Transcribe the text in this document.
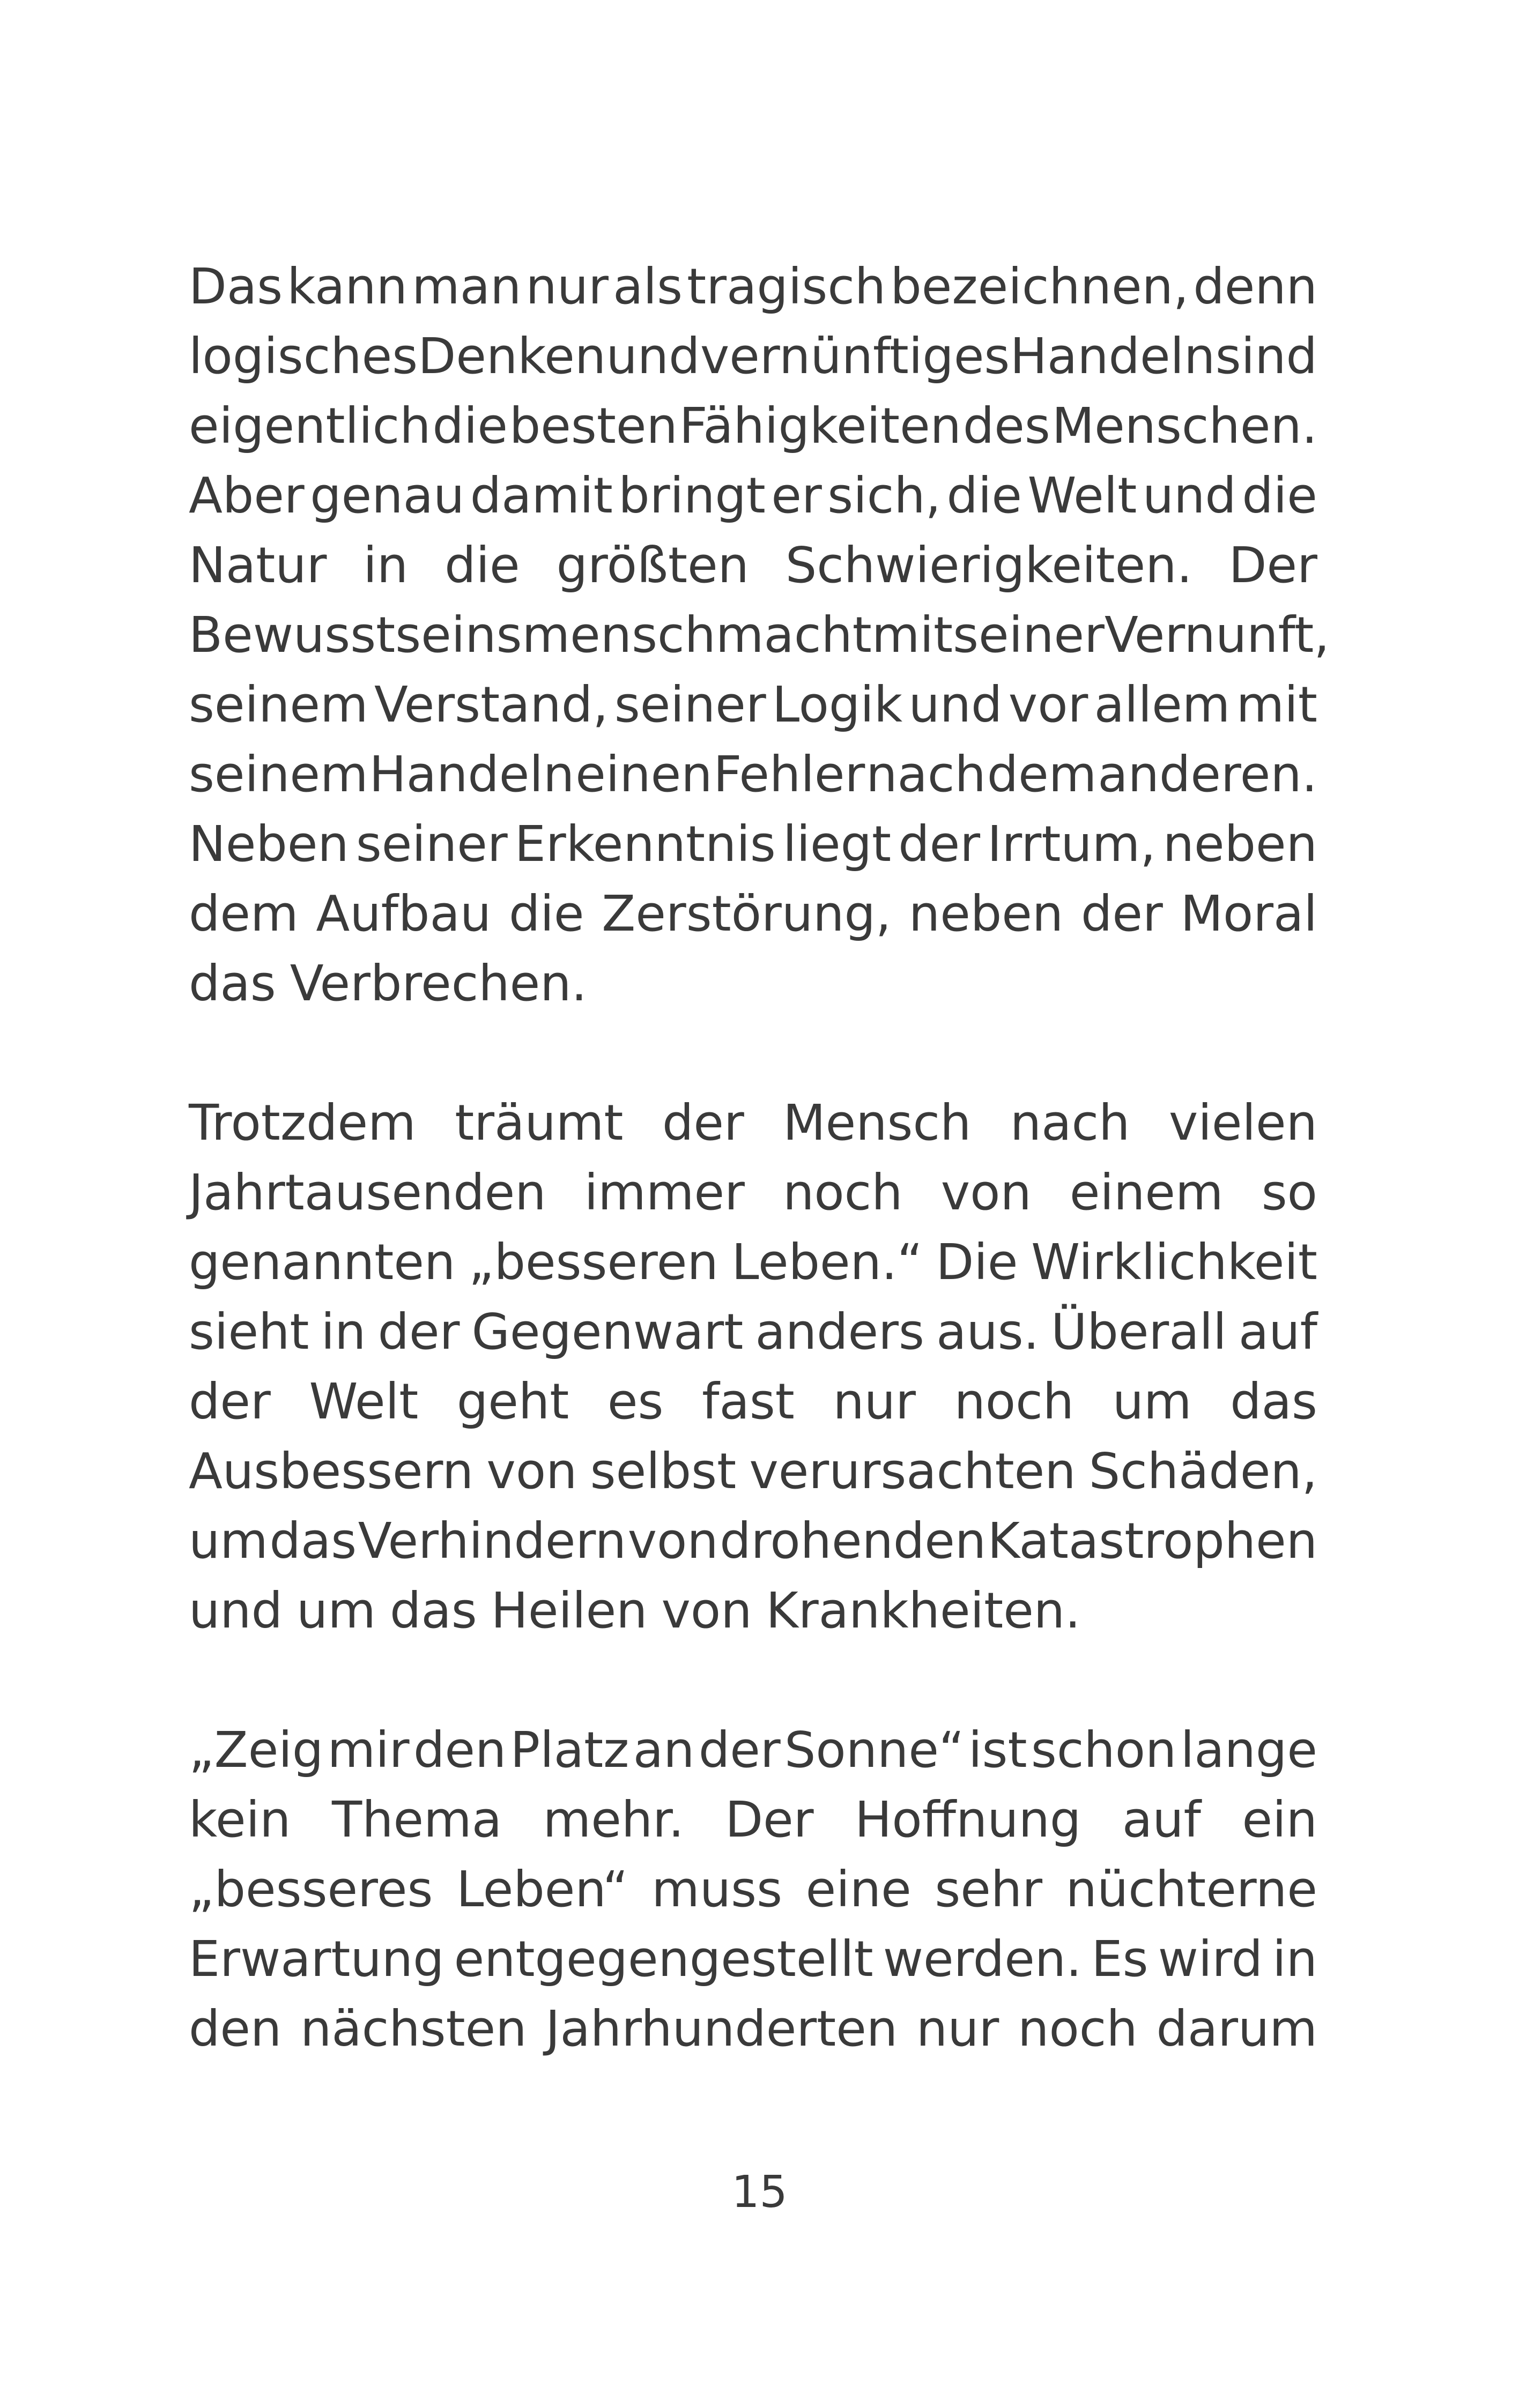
Das kann man nur als tragisch bezeichnen, denn
logisches Denken und vernünftiges Handeln sind
eigentlich die besten Fähigkeiten des Menschen.
Aber genau damit bringt er sich, die Welt und die
Natur in die größten Schwierigkeiten. Der
Bewusstseinsmensch macht mit seiner Vernunft,
seinem Verstand, seiner Logik und vor allem mit
seinem Handeln einen Fehler nach dem anderen.
Neben seiner Erkenntnis liegt der Irrtum, neben
dem Aufbau die Zerstörung, neben der Moral
das Verbrechen.
Trotzdem träumt der Mensch nach vielen
Jahrtausenden immer noch von einem so
genannten „besseren Leben.“ Die Wirklichkeit
sieht in der Gegenwart anders aus. Überall auf
der Welt geht es fast nur noch um das
Ausbessern von selbst verursachten Schäden,
um das Verhindern von drohenden Katastrophen
und um das Heilen von Krankheiten.
„Zeig mir den Platz an der Sonne“ ist schon lange
kein Thema mehr. Der Hoffnung auf ein
„besseres Leben“ muss eine sehr nüchterne
Erwartung entgegengestellt werden. Es wird in
den nächsten Jahrhunderten nur noch darum
15
